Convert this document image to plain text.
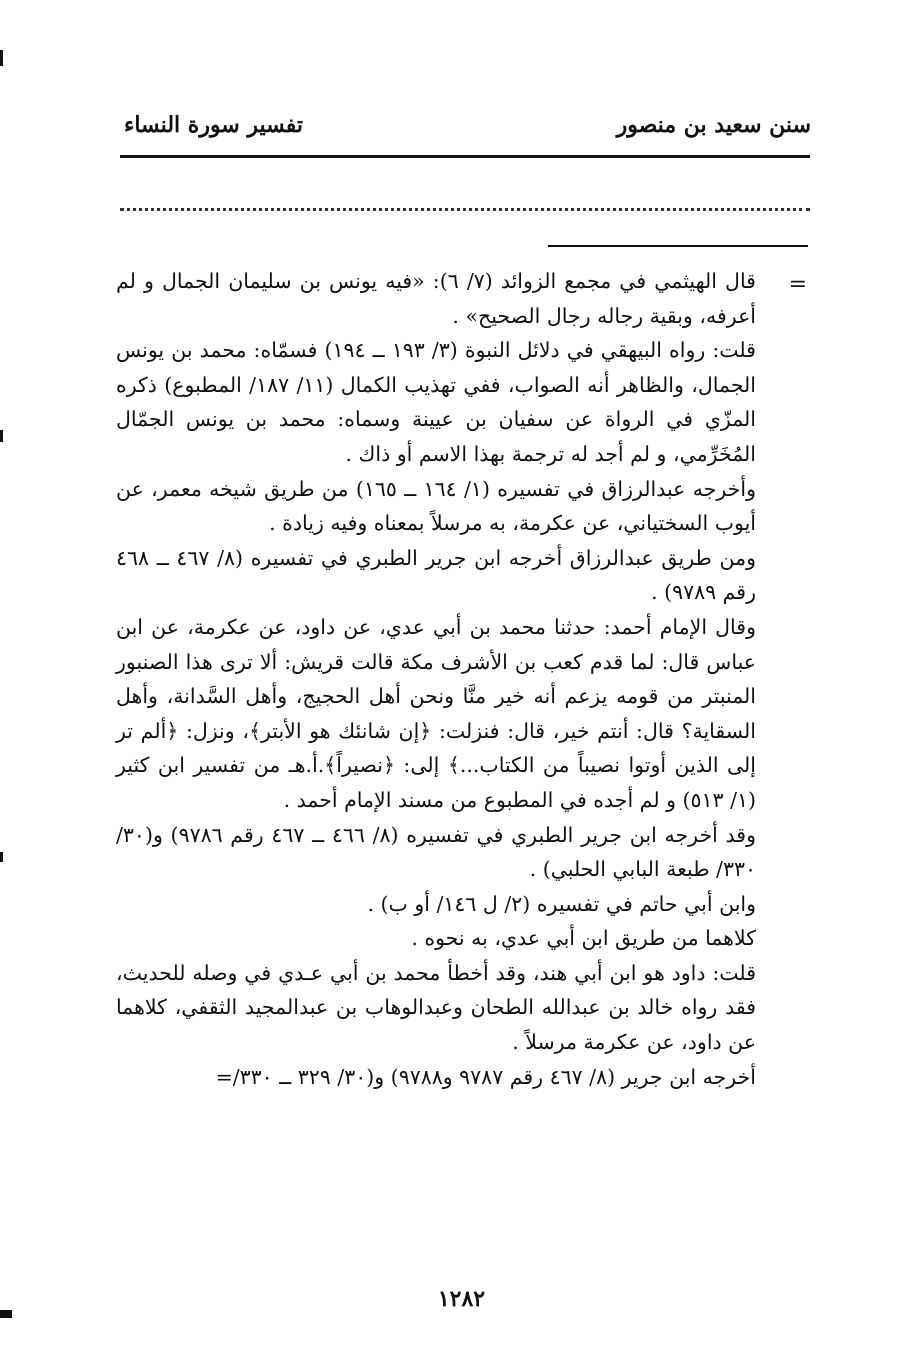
سنن سعيد بن منصور
تفسير سورة النساء
=

قال الهيثمي في مجمع الزوائد (٧/ ٦): «فيه يونس بن سليمان الجمال و لم أعرفه، وبقية رجاله رجال الصحيح» .

قلت: رواه البيهقي في دلائل النبوة (٣/ ١٩٣ ــ ١٩٤) فسمّاه: محمد بن يونس الجمال، والظاهر أنه الصواب، ففي تهذيب الكمال (١١/ ١٨٧/ المطبوع) ذكره المزّي في الرواة عن سفيان بن عيينة وسماه: محمد بن يونس الجمّال المُخَرِّمي، و لم أجد له ترجمة بهذا الاسم أو ذاك .

وأخرجه عبدالرزاق في تفسيره (١/ ١٦٤ ــ ١٦٥) من طريق شيخه معمر، عن أيوب السختياني، عن عكرمة، به مرسلاً بمعناه وفيه زيادة .

ومن طريق عبدالرزاق أخرجه ابن جرير الطبري في تفسيره (٨/ ٤٦٧ ــ ٤٦٨ رقم ٩٧٨٩) .

وقال الإمام أحمد: حدثنا محمد بن أبي عدي، عن داود، عن عكرمة، عن ابن عباس قال: لما قدم كعب بن الأشرف مكة قالت قريش: ألا ترى هذا الصنبور المنبتر من قومه يزعم أنه خير منَّا ونحن أهل الحجيج، وأهل السَّدانة، وأهل السقاية؟ قال: أنتم خير، قال: فنزلت: ﴿إن شانئك هو الأبتر﴾، ونزل: ﴿ألم تر إلى الذين أوتوا نصيباً من الكتاب...﴾ إلى: ﴿نصيراً﴾.أ.هـ من تفسير ابن كثير (١/ ٥١٣) و لم أجده في المطبوع من مسند الإمام أحمد .

وقد أخرجه ابن جرير الطبري في تفسيره (٨/ ٤٦٦ ــ ٤٦٧ رقم ٩٧٨٦) و(٣٠/ ٣٣٠/ طبعة البابي الحلبي) .

وابن أبي حاتم في تفسيره (٢/ ل ١٤٦/ أو ب) .

كلاهما من طريق ابن أبي عدي، به نحوه .

قلت: داود هو ابن أبي هند، وقد أخطأ محمد بن أبي عـدي في وصله للحديث، فقد رواه خالد بن عبدالله الطحان وعبدالوهاب بن عبدالمجيد الثقفي، كلاهما عن داود، عن عكرمة مرسلاً .

أخرجه ابن جرير (٨/ ٤٦٧ رقم ٩٧٨٧ و٩٧٨٨) و(٣٠/ ٣٢٩ ــ ٣٣٠/=

١٢٨٢
